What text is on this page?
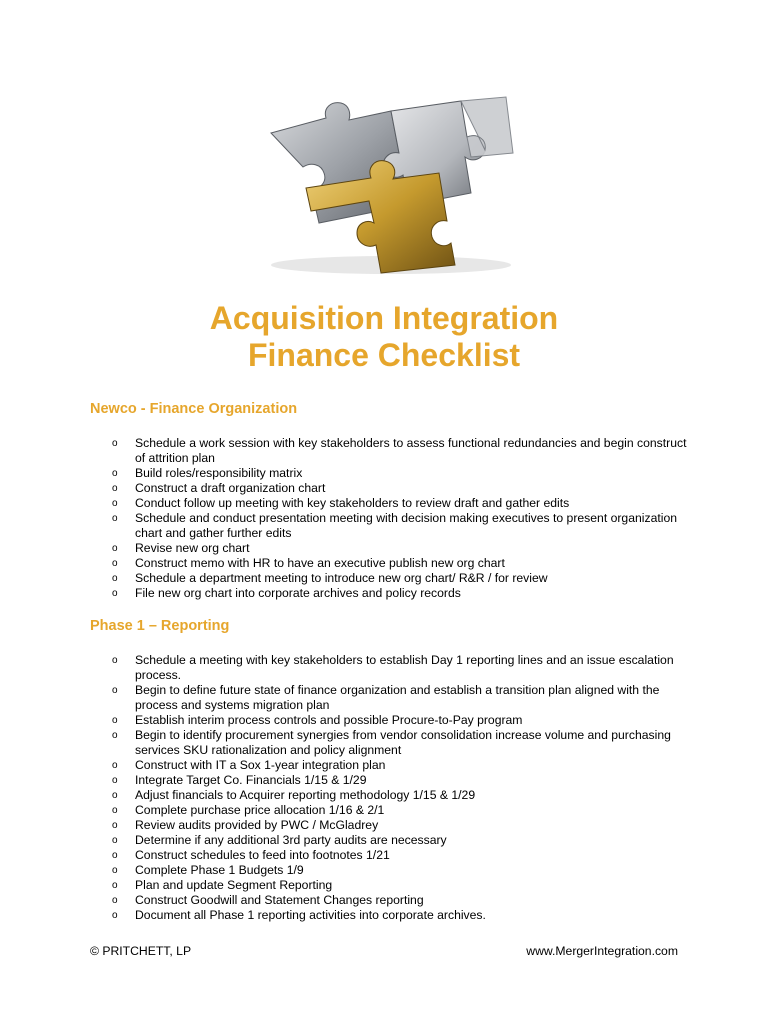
Acquisition Integration
Finance Checklist
Newco - Finance Organization
o Schedule a work session with key stakeholders to assess functional redundancies and begin construct of attrition plan
o Build roles/responsibility matrix
o Construct a draft organization chart
o Conduct follow up meeting with key stakeholders to review draft and gather edits
o Schedule and conduct presentation meeting with decision making executives to present organization chart and gather further edits
o Revise new org chart
o Construct memo with HR to have an executive publish new org chart
o Schedule a department meeting to introduce new org chart/ R&R / for review
o File new org chart into corporate archives and policy records
Phase 1 – Reporting
o Schedule a meeting with key stakeholders to establish Day 1 reporting lines and an issue escalation process.
o Begin to define future state of finance organization and establish a transition plan aligned with the process and systems migration plan
o Establish interim process controls and possible Procure-to-Pay program
o Begin to identify procurement synergies from vendor consolidation increase volume and purchasing services SKU rationalization and policy alignment
o Construct with IT a Sox 1-year integration plan
o Integrate Target Co. Financials 1/15 & 1/29
o Adjust financials to Acquirer reporting methodology 1/15 & 1/29
o Complete purchase price allocation 1/16 & 2/1
o Review audits provided by PWC / McGladrey
o Determine if any additional 3rd party audits are necessary
o Construct schedules to feed into footnotes 1/21
o Complete Phase 1 Budgets 1/9
o Plan and update Segment Reporting
o Construct Goodwill and Statement Changes reporting
o Document all Phase 1 reporting activities into corporate archives.
© PRITCHETT, LP	www.MergerIntegration.com
